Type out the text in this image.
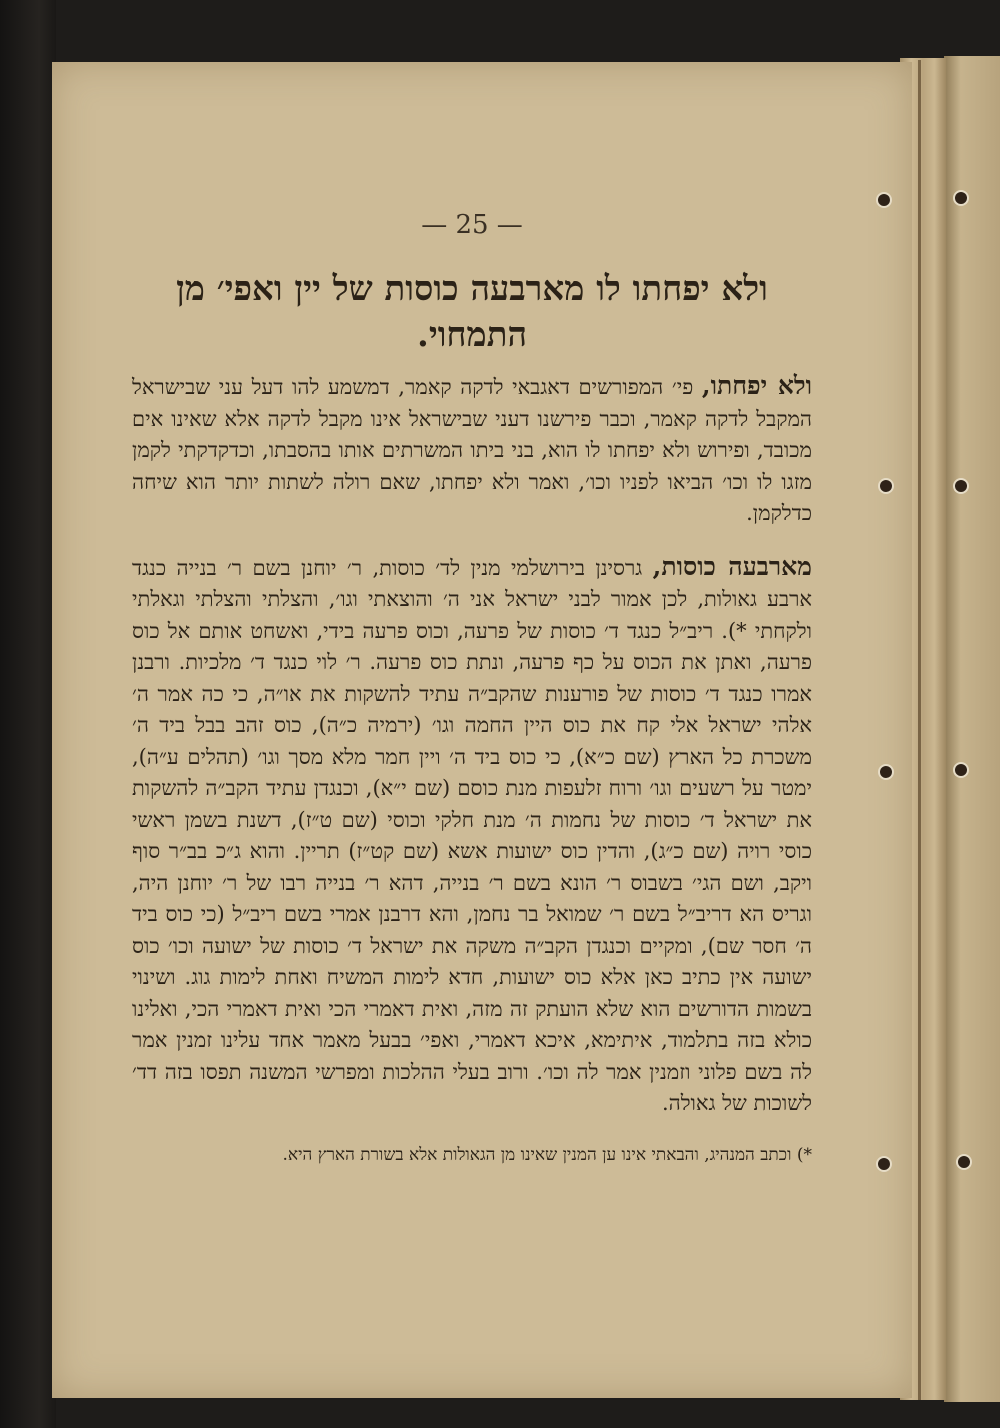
— 25 —
ולא יפחתו לו מארבעה כוסות של יין ואפי׳ מן התמחוי.

ולא יפחתו, פי׳ המפורשים דאגבאי לדקה קאמר, דמשמע להו דעל עני שבישראל המקבל לדקה קאמר, וכבר פירשנו דעני שבישראל אינו מקבל לדקה אלא שאינו אים מכובד, ופירוש ולא יפחתו לו הוא, בני ביתו המשרתים אותו בהסבתו, וכדקדקתי לקמן מזגו לו וכו׳ הביאו לפניו וכו׳, ואמר ולא יפחתו, שאם רולה לשתות יותר הוא שיחה כדלקמן.

מארבעה כוסות, גרסינן בירושלמי מנין לד׳ כוסות, ר׳ יוחנן בשם ר׳ בנייה כנגד ארבע גאולות, לכן אמור לבני ישראל אני ה׳ והוצאתי וגו׳, והצלתי והצלתי וגאלתי ולקחתי *). ריב״ל כנגד ד׳ כוסות של פרעה, וכוס פרעה בידי, ואשחט אותם אל כוס פרעה, ואתן את הכוס על כף פרעה, ונתת כוס פרעה. ר׳ לוי כנגד ד׳ מלכיות. ורבנן אמרו כנגד ד׳ כוסות של פורענות שהקב״ה עתיד להשקות את או״ה, כי כה אמר ה׳ אלהי ישראל אלי קח את כוס היין החמה וגו׳ (ירמיה כ״ה), כוס זהב בבל ביד ה׳ משכרת כל הארץ (שם כ״א), כי כוס ביד ה׳ ויין חמר מלא מסך וגו׳ (תהלים ע״ה), ימטר על רשעים וגו׳ ורוח זלעפות מנת כוסם (שם י״א), וכנגדן עתיד הקב״ה להשקות את ישראל ד׳ כוסות של נחמות ה׳ מנת חלקי וכוסי (שם ט״ז), דשנת בשמן ראשי כוסי רויה (שם כ״ג), והדין כוס ישועות אשא (שם קט״ז) תריין. והוא ג״כ בב״ר סוף ויקב, ושם הגי׳ בשבוס ר׳ הונא בשם ר׳ בנייה, דהא ר׳ בנייה רבו של ר׳ יוחנן היה, וגריס הא דריב״ל בשם ר׳ שמואל בר נחמן, והא דרבנן אמרי בשם ריב״ל (כי כוס ביד ה׳ חסר שם), ומקיים וכנגדן הקב״ה משקה את ישראל ד׳ כוסות של ישועה וכו׳ כוס ישועה אין כתיב כאן אלא כוס ישועות, חדא לימות המשיח ואחת לימות גוג. ושינוי בשמות הדורשים הוא שלא הועתק זה מזה, ואית דאמרי הכי ואית דאמרי הכי, ואלינו כולא בזה בתלמוד, איתימא, איכא דאמרי, ואפי׳ בבעל מאמר אחד עלינו זמנין אמר לה בשם פלוני וזמנין אמר לה וכו׳. ורוב בעלי ההלכות ומפרשי המשנה תפסו בזה דד׳ לשוכות של גאולה.

*) וכתב המנהיג, והבאתי אינו ען המנין שאינו מן הגאולות אלא בשורת הארץ היא.
